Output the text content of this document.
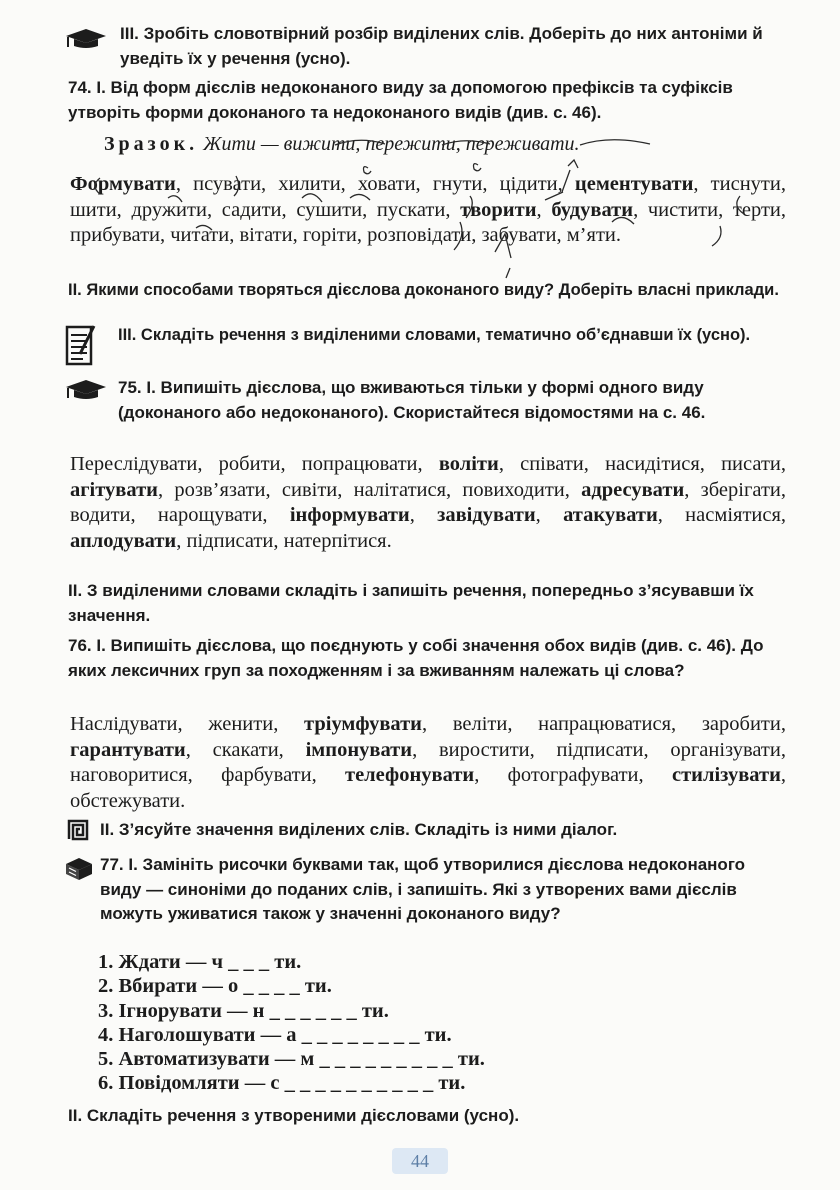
III. Зробіть словотвірний розбір виділених слів. Доберіть до них антоніми й уведіть їх у речення (усно).
74. І. Від форм дієслів недоконаного виду за допомогою префіксів та суфіксів утворіть форми доконаного та недоконаного видів (див. с. 46).
Зразок. Жити — вижити, пережити, переживати.
Формувати, псувати, хилити, ховати, гнути, цідити, цементувати, тиснути, шити, дружити, садити, сушити, пускати, творити, будувати, чистити, терти, прибувати, читати, вітати, горіти, розповідати, забувати, м’яти.
ІІ. Якими способами творяться дієслова доконаного виду? Доберіть власні приклади.
ІІІ. Складіть речення з виділеними словами, тематично об’єднавши їх (усно).
75. І. Випишіть дієслова, що вживаються тільки у формі одного виду (доконаного або недоконаного). Скористайтеся відомостями на с. 46.
Переслідувати, робити, попрацювати, воліти, співати, насидітися, писати, агітувати, розв’язати, сивіти, налітатися, повиходити, адресувати, зберігати, водити, нарощувати, інформувати, завідувати, атакувати, насміятися, аплодувати, підписати, натерпітися.
ІІ. З виділеними словами складіть і запишіть речення, попередньо з’ясувавши їх значення.
76. І. Випишіть дієслова, що поєднують у собі значення обох видів (див. с. 46). До яких лексичних груп за походженням і за вживанням належать ці слова?
Наслідувати, женити, тріумфувати, веліти, напрацюватися, заробити, гарантувати, скакати, імпонувати, виростити, підписати, організувати, наговоритися, фарбувати, телефонувати, фотографувати, стилізувати, обстежувати.
ІІ. З’ясуйте значення виділених слів. Складіть із ними діалог.
77. І. Замініть рисочки буквами так, щоб утворилися дієслова недоконаного виду — синоніми до поданих слів, і запишіть. Які з утворених вами дієслів можуть уживатися також у значенні доконаного виду?
1. Ждати — ч _ _ _ ти.
2. Вбирати — о _ _ _ _ ти.
3. Ігнорувати — н _ _ _ _ _ _ ти.
4. Наголошувати — а _ _ _ _ _ _ _ _ ти.
5. Автоматизувати — м _ _ _ _ _ _ _ _ _ ти.
6. Повідомляти — с _ _ _ _ _ _ _ _ _ _ ти.
ІІ. Складіть речення з утвореними дієсловами (усно).
44
